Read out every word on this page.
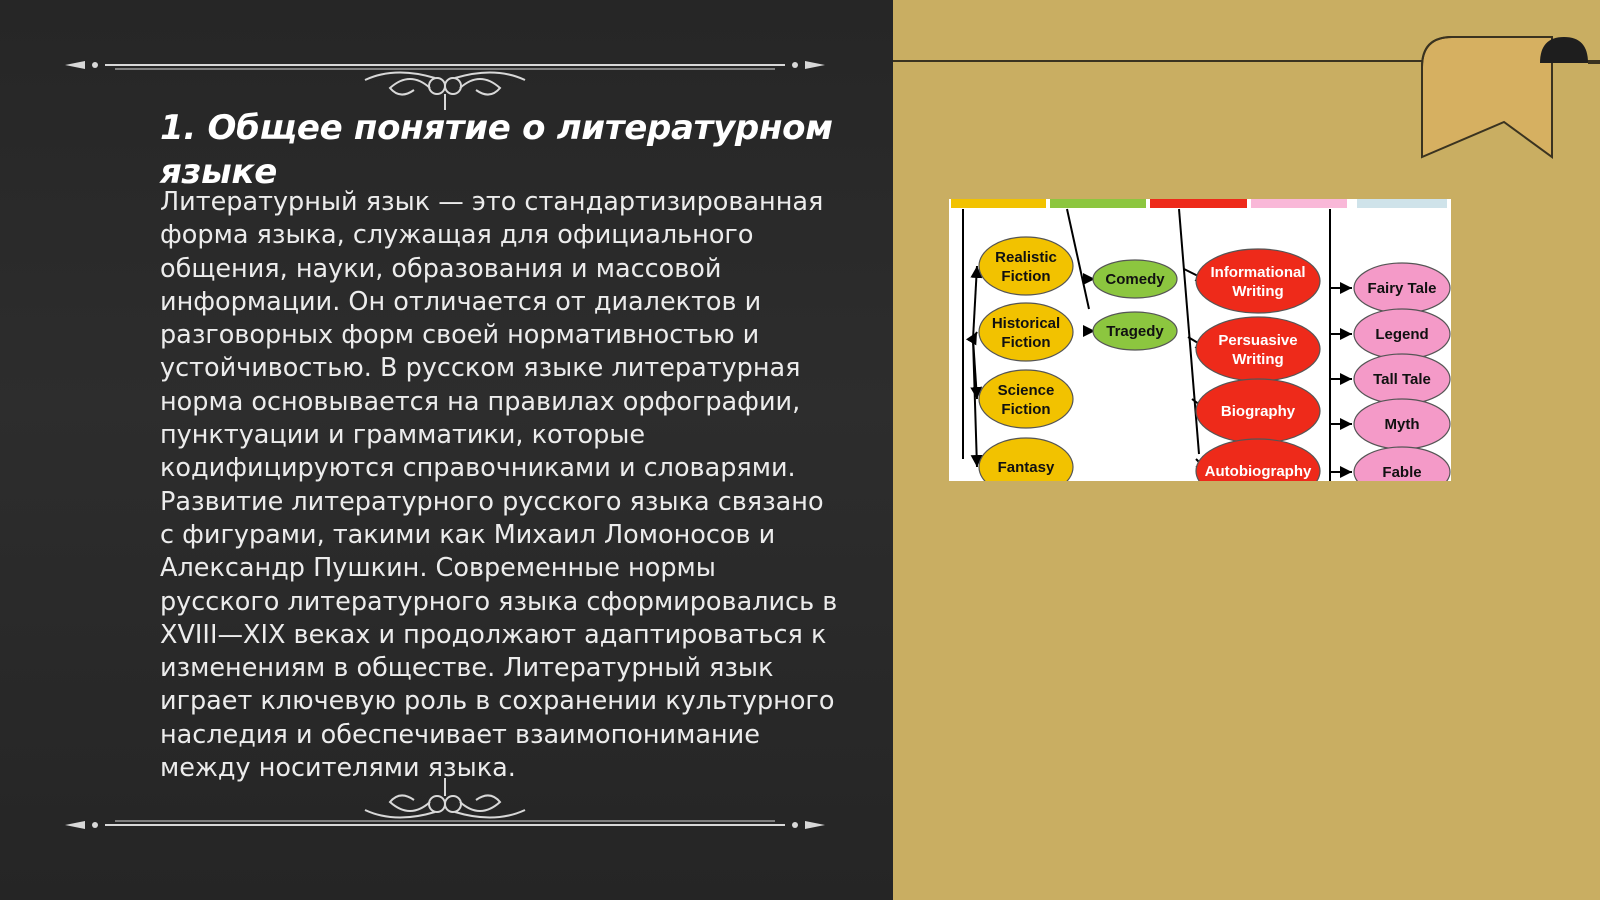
1. Общее понятие о литературном языке

Литературный язык — это стандартизированная форма языка, служащая для официального общения, науки, образования и массовой информации. Он отличается от диалектов и разговорных форм своей нормативностью и устойчивостью. В русском языке литературная норма основывается на правилах орфографии, пунктуации и грамматики, которые кодифицируются справочниками и словарями. Развитие литературного русского языка связано с фигурами, такими как Михаил Ломоносов и Александр Пушкин. Современные нормы русского литературного языка сформировались в XVIII—XIX веках и продолжают адаптироваться к изменениям в обществе. Литературный язык играет ключевую роль в сохранении культурного наследия и обеспечивает взаимопонимание между носителями языка.

Realistic Fiction
Historical Fiction
Science Fiction
Fantasy
Comedy
Tragedy
Informational Writing
Persuasive Writing
Biography
Autobiography
Fairy Tale
Legend
Tall Tale
Myth
Fable
